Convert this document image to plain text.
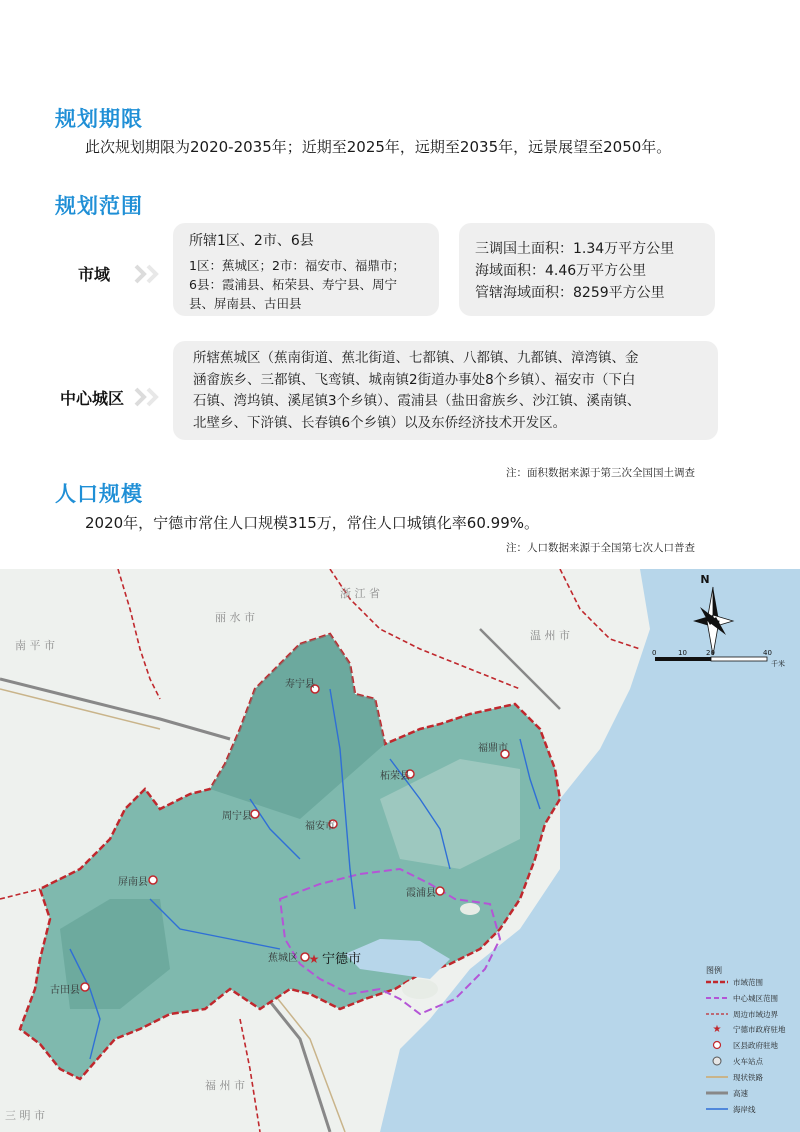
规划期限
此次规划期限为2020-2035年；近期至2025年，远期至2035年，远景展望至2050年。
规划范围
市域
所辖1区、2市、6县
1区：蕉城区；2市：福安市、福鼎市；
6县：霞浦县、柘荣县、寿宁县、周宁
县、屏南县、古田县
三调国土面积：1.34万平方公里
海域面积：4.46万平方公里
管辖海域面积：8259平方公里
中心城区
所辖蕉城区（蕉南街道、蕉北街道、七都镇、八都镇、九都镇、漳湾镇、金
涵畲族乡、三都镇、飞鸾镇、城南镇2街道办事处8个乡镇）、福安市（下白
石镇、湾坞镇、溪尾镇3个乡镇）、霞浦县（盐田畲族乡、沙江镇、溪南镇、
北壁乡、下浒镇、长春镇6个乡镇）以及东侨经济技术开发区。
注：面积数据来源于第三次全国国土调查
人口规模
2020年，宁德市常住人口规模315万，常住人口城镇化率60.99%。
注：人口数据来源于全国第七次人口普查
★
浙 江 省
丽 水 市
温 州 市
南 平 市
福 州 市
三 明 市
寿宁县
福鼎市
柘荣县
周宁县
福安市
屏南县
霞浦县
蕉城区 宁德市
古田县
N
0	10	20	40
千米
图例
市域范围
中心城区范围
周边市域边界
★ 宁德市政府驻地
区县政府驻地
火车站点
现状铁路
高速
海岸线
